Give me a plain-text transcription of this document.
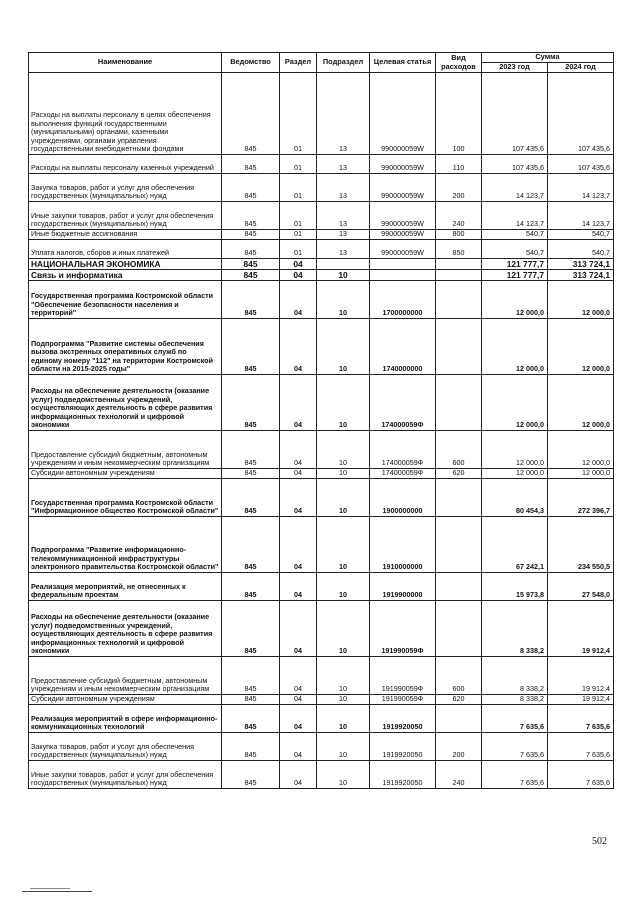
Наименование	Ведомство	Раздел	Подраздел	Целевая статья	Вид расходов	Сумма	
						2023 год	2024 год
Расходы на выплаты персоналу в целях обеспечения выполнения функций государственными (муниципальными) органами, казенными учреждениями, органами управления государственными внебюджетными фондами	845	01	13	990000059W	100	107 435,6	107 435,6
Расходы на выплаты персоналу казенных учреждений	845	01	13	990000059W	110	107 435,6	107 435,6
Закупка товаров, работ и услуг для обеспечения государственных (муниципальных) нужд	845	01	13	990000059W	200	14 123,7	14 123,7
Иные закупки товаров, работ и услуг для обеспечения государственных (муниципальных) нужд	845	01	13	990000059W	240	14 123,7	14 123,7
Иные бюджетные ассигнования	845	01	13	990000059W	800	540,7	540,7
Уплата налогов, сборов и иных платежей	845	01	13	990000059W	850	540,7	540,7
НАЦИОНАЛЬНАЯ ЭКОНОМИКА	845	04				121 777,7	313 724,1
Связь и информатика	845	04	10			121 777,7	313 724,1
Государственная программа Костромской области "Обеспечение безопасности населения и территорий"	845	04	10	1700000000		12 000,0	12 000,0
Подпрограмма "Развитие системы обеспечения вызова экстренных оперативных служб по единому номеру "112" на территории Костромской области на 2015-2025 годы"	845	04	10	1740000000		12 000,0	12 000,0
Расходы на обеспечение деятельности (оказание услуг) подведомственных учреждений, осуществляющих деятельность в сфере развития информационных технологий и цифровой экономики	845	04	10	174000059Ф		12 000,0	12 000,0
Предоставление субсидий бюджетным, автономным учреждениям и иным некоммерческим организациям	845	04	10	174000059Ф	600	12 000,0	12 000,0
Субсидии автономным учреждениям	845	04	10	174000059Ф	620	12 000,0	12 000,0
Государственная программа Костромской области "Информационное общество Костромской области"	845	04	10	1900000000		80 454,3	272 396,7
Подпрограмма "Развитие информационно-телекоммуникационной инфраструктуры электронного правительства Костромской области"	845	04	10	1910000000		67 242,1	234 550,5
Реализация мероприятий, не отнесенных к федеральным проектам	845	04	10	1919900000		15 973,8	27 548,0
Расходы на обеспечение деятельности (оказание услуг) подведомственных учреждений, осуществляющих деятельность в сфере развития информационных технологий и цифровой экономики	845	04	10	191990059Ф		8 338,2	19 912,4
Предоставление субсидий бюджетным, автономным учреждениям и иным некоммерческим организациям	845	04	10	191990059Ф	600	8 338,2	19 912,4
Субсидии автономным учреждениям	845	04	10	191990059Ф	620	8 338,2	19 912,4
Реализация мероприятий в сфере информационно-коммуникационных технологий	845	04	10	1919920050		7 635,6	7 635,6
Закупка товаров, работ и услуг для обеспечения государственных (муниципальных) нужд	845	04	10	1919920050	200	7 635,6	7 635,6
Иные закупки товаров, работ и услуг для обеспечения государственных (муниципальных) нужд	845	04	10	1919920050	240	7 635,6	7 635,6
502
